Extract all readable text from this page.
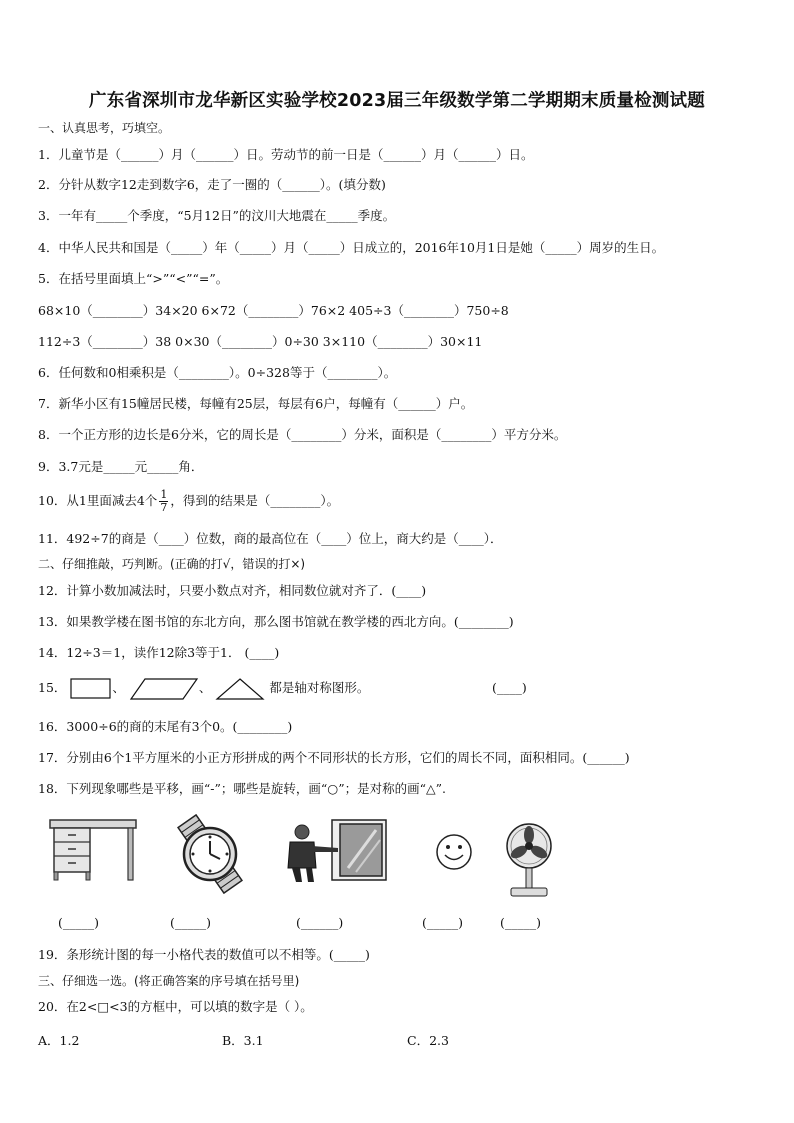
广东省深圳市龙华新区实验学校2023届三年级数学第二学期期末质量检测试题
一、认真思考，巧填空。
1．儿童节是（______）月（______）日。劳动节的前一日是（______）月（______）日。
2．分针从数字12走到数字6，走了一圈的（______）。(填分数)
3．一年有_____个季度，“5月12日”的汶川大地震在_____季度。
4．中华人民共和国是（_____）年（_____）月（_____）日成立的，2016年10月1日是她（_____）周岁的生日。
5．在括号里面填上“>”“<”“=”。
68×10（________）34×20 6×72（________）76×2 405÷3（________）750÷8
112÷3（________）38 0×30（________）0÷30 3×110（________）30×11
6．任何数和0相乘积是（________）。0÷328等于（________）。
7．新华小区有15幢居民楼，每幢有25层，每层有6户，每幢有（______）户。
8．一个正方形的边长是6分米，它的周长是（________）分米，面积是（________）平方分米。
9．3.7元是_____元_____角．
10．从1里面减去4个 $\frac{1}{7}$ ，得到的结果是（________）。
11．492÷7的商是（____）位数，商的最高位在（____）位上，商大约是（____）．
二、仔细推敲，巧判断。(正确的打√，错误的打×)
12．计算小数加减法时，只要小数点对齐，相同数位就对齐了．(____)
13．如果教学楼在图书馆的东北方向，那么图书馆就在教学楼的西北方向。(________)
14．12÷3＝1，读作12除3等于1． (____)
15．	、	、	都是轴对称图形。	(____)
16．3000÷6的商的末尾有3个0。(________)
17．分别由6个1平方厘米的小正方形拼成的两个不同形状的长方形，它们的周长不同，面积相同。(______)
18．下列现象哪些是平移，画“-”；哪些是旋转，画“○”；是对称的画“△”.
(_____)	(_____)	(______)	(_____)	(_____)
19．条形统计图的每一小格代表的数值可以不相等。(_____)
三、仔细选一选。(将正确答案的序号填在括号里)
20．在2<□<3的方框中，可以填的数字是（ ）。
A．1.2	B．3.1	C．2.3
